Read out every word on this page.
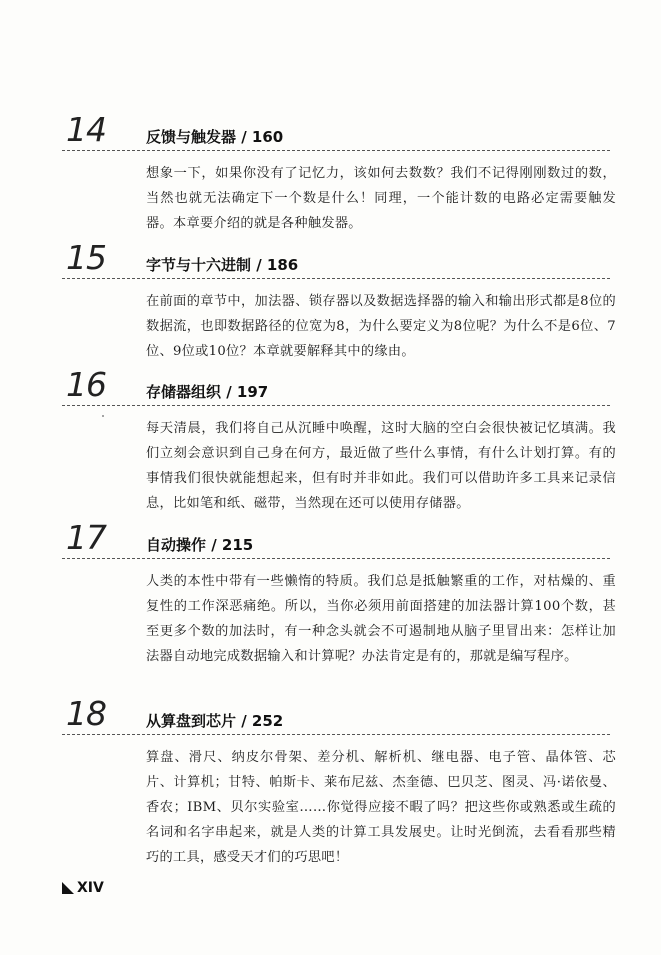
14	反馈与触发器 / 160
想象一下，如果你没有了记忆力，该如何去数数？我们不记得刚刚数过的数，当然也就无法确定下一个数是什么！同理，一个能计数的电路必定需要触发器。本章要介绍的就是各种触发器。
15	字节与十六进制 / 186
在前面的章节中，加法器、锁存器以及数据选择器的输入和输出形式都是8位的数据流，也即数据路径的位宽为8，为什么要定义为8位呢？为什么不是6位、7位、9位或10位？本章就要解释其中的缘由。
16	存储器组织 / 197
每天清晨，我们将自己从沉睡中唤醒，这时大脑的空白会很快被记忆填满。我们立刻会意识到自己身在何方，最近做了些什么事情，有什么计划打算。有的事情我们很快就能想起来，但有时并非如此。我们可以借助许多工具来记录信息，比如笔和纸、磁带，当然现在还可以使用存储器。
17	自动操作 / 215
人类的本性中带有一些懒惰的特质。我们总是抵触繁重的工作，对枯燥的、重复性的工作深恶痛绝。所以，当你必须用前面搭建的加法器计算100个数，甚至更多个数的加法时，有一种念头就会不可遏制地从脑子里冒出来：怎样让加法器自动地完成数据输入和计算呢？办法肯定是有的，那就是编写程序。
18	从算盘到芯片 / 252
算盘、滑尺、纳皮尔骨架、差分机、解析机、继电器、电子管、晶体管、芯片、计算机；甘特、帕斯卡、莱布尼兹、杰奎德、巴贝芝、图灵、冯·诺依曼、香农；IBM、贝尔实验室……你觉得应接不暇了吗？把这些你或熟悉或生疏的名词和名字串起来，就是人类的计算工具发展史。让时光倒流，去看看那些精巧的工具，感受天才们的巧思吧！
XIV
